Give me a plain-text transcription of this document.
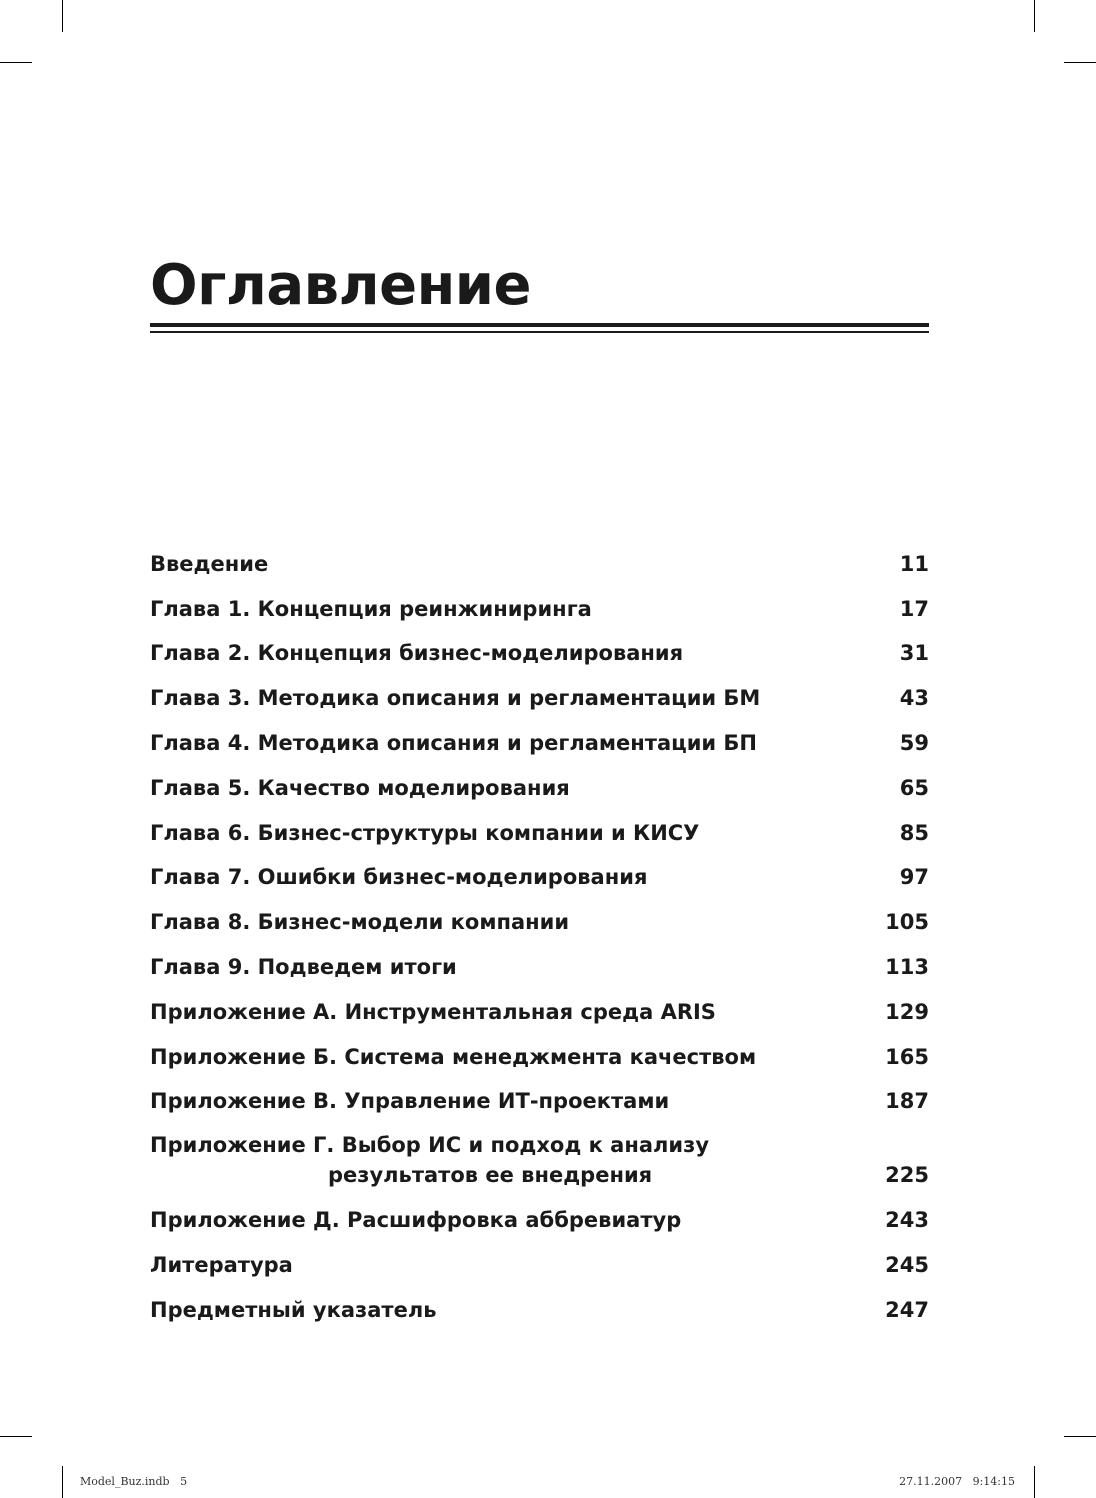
Оглавление
Введение	11
Глава 1. Концепция реинжиниринга	17
Глава 2. Концепция бизнес-моделирования	31
Глава 3. Методика описания и регламентации БМ	43
Глава 4. Методика описания и регламентации БП	59
Глава 5. Качество моделирования	65
Глава 6. Бизнес-структуры компании и КИСУ	85
Глава 7. Ошибки бизнес-моделирования	97
Глава 8. Бизнес-модели компании	105
Глава 9. Подведем итоги	113
Приложение А. Инструментальная среда ARIS	129
Приложение Б. Система менеджмента качеством	165
Приложение В. Управление ИТ-проектами	187
Приложение Г. Выбор ИС и подход к анализу
результатов ее внедрения	225
Приложение Д. Расшифровка аббревиатур	243
Литература	245
Предметный указатель	247
Model_Buz.indb   5	27.11.2007   9:14:15
